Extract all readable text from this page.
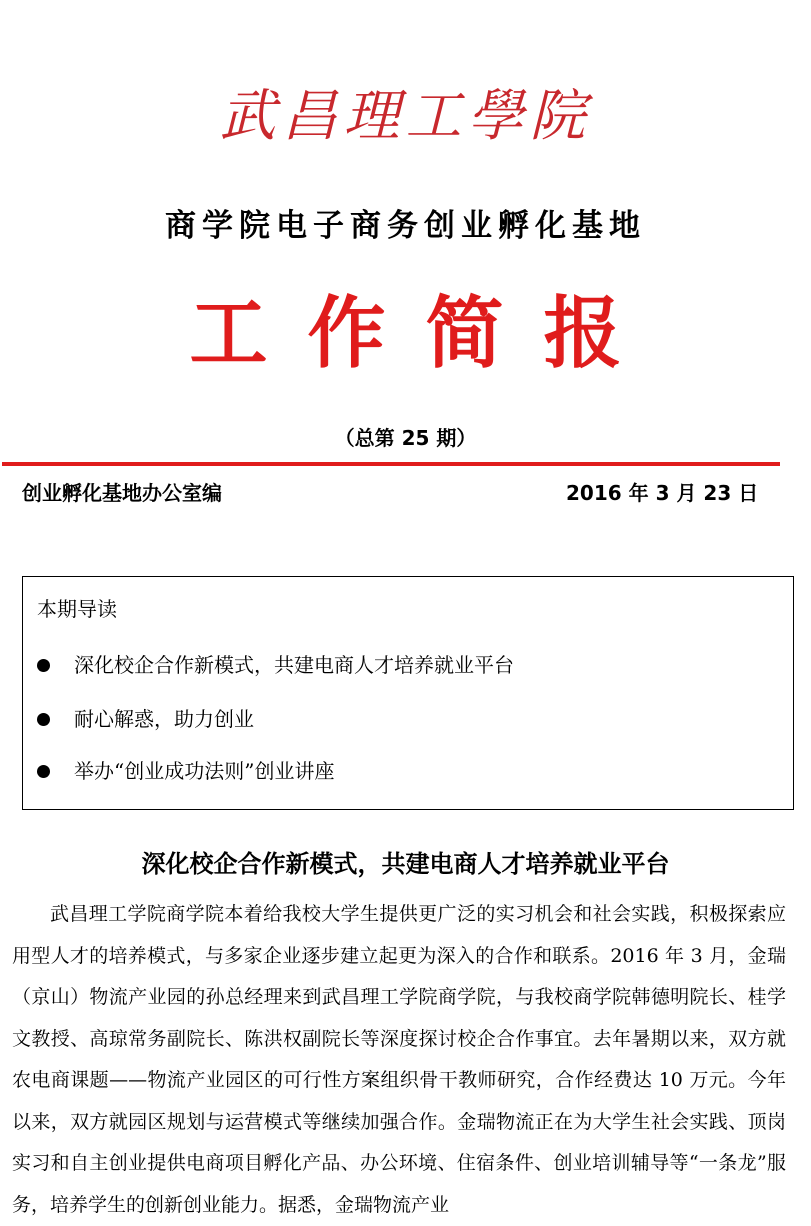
武昌理工學院
商学院电子商务创业孵化基地
工作简报
（总第 25 期）
创业孵化基地办公室编	2016 年 3 月 23 日
本期导读
深化校企合作新模式，共建电商人才培养就业平台
耐心解惑，助力创业
举办“创业成功法则”创业讲座
深化校企合作新模式，共建电商人才培养就业平台

武昌理工学院商学院本着给我校大学生提供更广泛的实习机会和社会实践，积极探索应用型人才的培养模式，与多家企业逐步建立起更为深入的合作和联系。2016 年 3 月，金瑞（京山）物流产业园的孙总经理来到武昌理工学院商学院，与我校商学院韩德明院长、桂学文教授、高琼常务副院长、陈洪权副院长等深度探讨校企合作事宜。去年暑期以来，双方就农电商课题——物流产业园区的可行性方案组织骨干教师研究，合作经费达 10 万元。今年以来，双方就园区规划与运营模式等继续加强合作。金瑞物流正在为大学生社会实践、顶岗实习和自主创业提供电商项目孵化产品、办公环境、住宿条件、创业培训辅导等“一条龙”服务，培养学生的创新创业能力。据悉，金瑞物流产业
